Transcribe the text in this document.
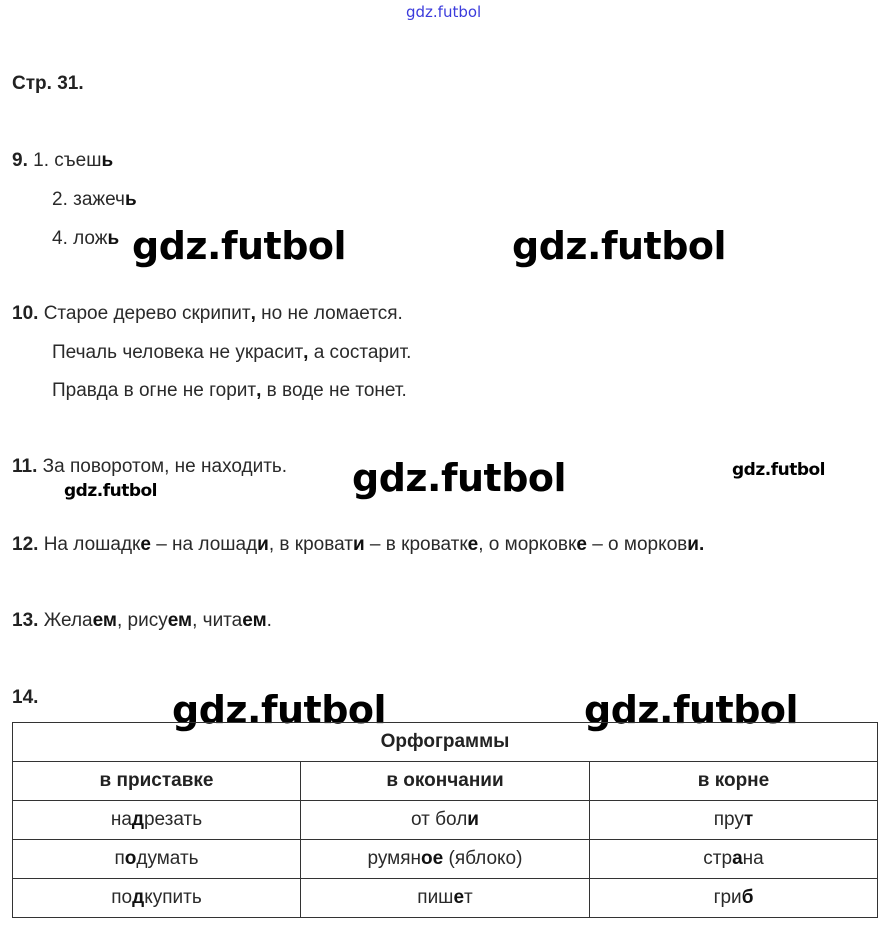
gdz.futbol
Стр. 31.
9. 1. съешь
2. зажечь
4. ложь gdz.futbol	gdz.futbol
10. Старое дерево скрипит, но не ломается.
Печаль человека не украсит, а состарит.
Правда в огне не горит, в воде не тонет.
11. За поворотом, не находить.
gdz.futbol	gdz.futbol	gdz.futbol
12. На лошадке – на лошади, в кровати – в кроватке, о морковке – о моркови.
13. Желаем, рисуем, читаем.
14.	gdz.futbol	gdz.futbol
Орфограммы		
в приставке	в окончании	в корне
надрезать	от боли	прут
подумать	румяное (яблоко)	страна
подкупить	пишет	гриб
